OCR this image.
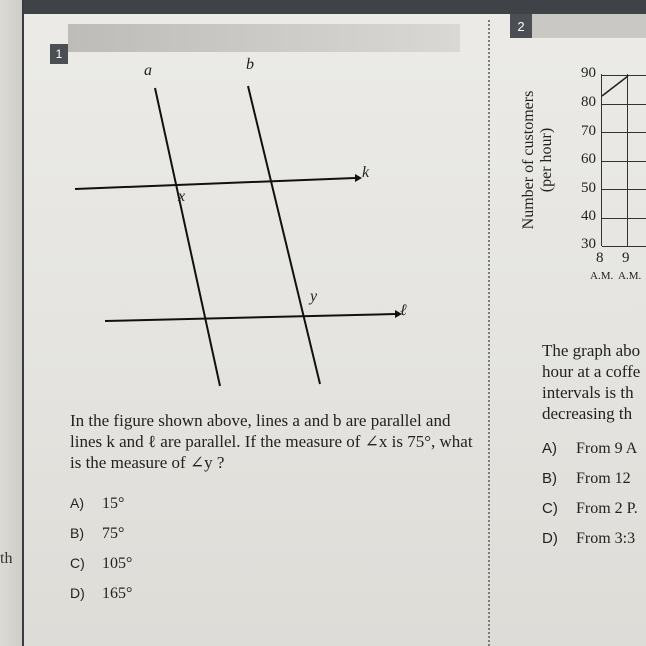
th
1
a	b
k
ℓ
x
y
In the figure shown above, lines a and b are parallel and lines k and ℓ are parallel. If the measure of ∠x is 75°, what is the measure of ∠y ?
A) 15°
B) 75°
C) 105°
D) 165°
2
Number of customers (per hour)
90
80
70
60
50
40
30
8 9
A.M. A.M.
The graph abo
hour at a coffe
intervals is th
decreasing th
A) From 9 A
B) From 12
C) From 2 P.
D) From 3:3
